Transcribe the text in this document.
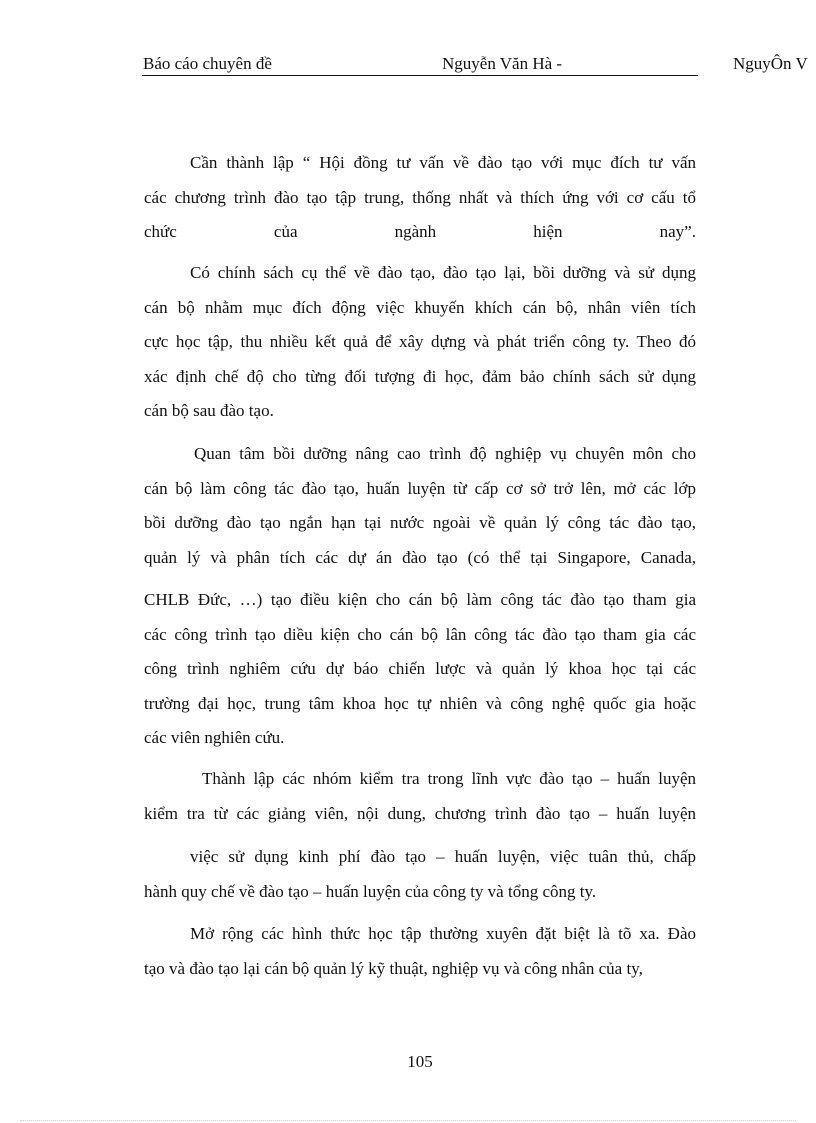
Báo cáo chuyên đề	Nguyễn Văn Hà -	NguyÔn V
Cần thành lập “ Hội đồng tư vấn về đào tạo với mục đích tư vấn
các chương trình đào tạo tập trung, thống nhất và thích ứng với cơ cấu tổ
chức	của	ngành	hiện	nay”.
Có chính sách cụ thể về đào tạo, đào tạo lại, bồi dưỡng và sử dụng
cán bộ nhằm mục đích động việc khuyến khích cán bộ, nhân viên tích
cực học tập, thu nhiều kết quả để xây dựng và phát triển công ty. Theo đó
xác định chế độ cho từng đối tượng đi học, đảm bảo chính sách sử dụng
cán bộ sau đào tạo.
Quan tâm bồi dưỡng nâng cao trình độ nghiệp vụ chuyên môn cho
cán bộ làm công tác đào tạo, huấn luyện từ cấp cơ sở trở lên, mở các lớp
bồi dưỡng đào tạo ngắn hạn tại nước ngoài về quản lý công tác đào tạo,
quản lý và phân tích các dự án đào tạo (có thể tại Singapore, Canada,
CHLB Đức, …) tạo điều kiện cho cán bộ làm công tác đào tạo tham gia
các công trình tạo diều kiện cho cán bộ lân công tác đào tạo tham gia các
công trình nghiêm cứu dự báo chiến lược và quản lý khoa học tại các
trường đại học, trung tâm khoa học tự nhiên và công nghệ quốc gia hoặc
các viên nghiên cứu.
Thành lập các nhóm kiểm tra trong lĩnh vực đào tạo – huấn luyện
kiểm tra từ các giảng viên, nội dung, chương trình đào tạo – huấn luyện
việc sử dụng kinh phí đào tạo – huấn luyện, việc tuân thủ, chấp
hành quy chế về đào tạo – huấn luyện của công ty và tổng công ty.
Mở rộng các hình thức học tập thường xuyên đặt biệt là tõ xa. Đào
tạo và đào tạo lại cán bộ quản lý kỹ thuật, nghiệp vụ và công nhân của ty,
105
